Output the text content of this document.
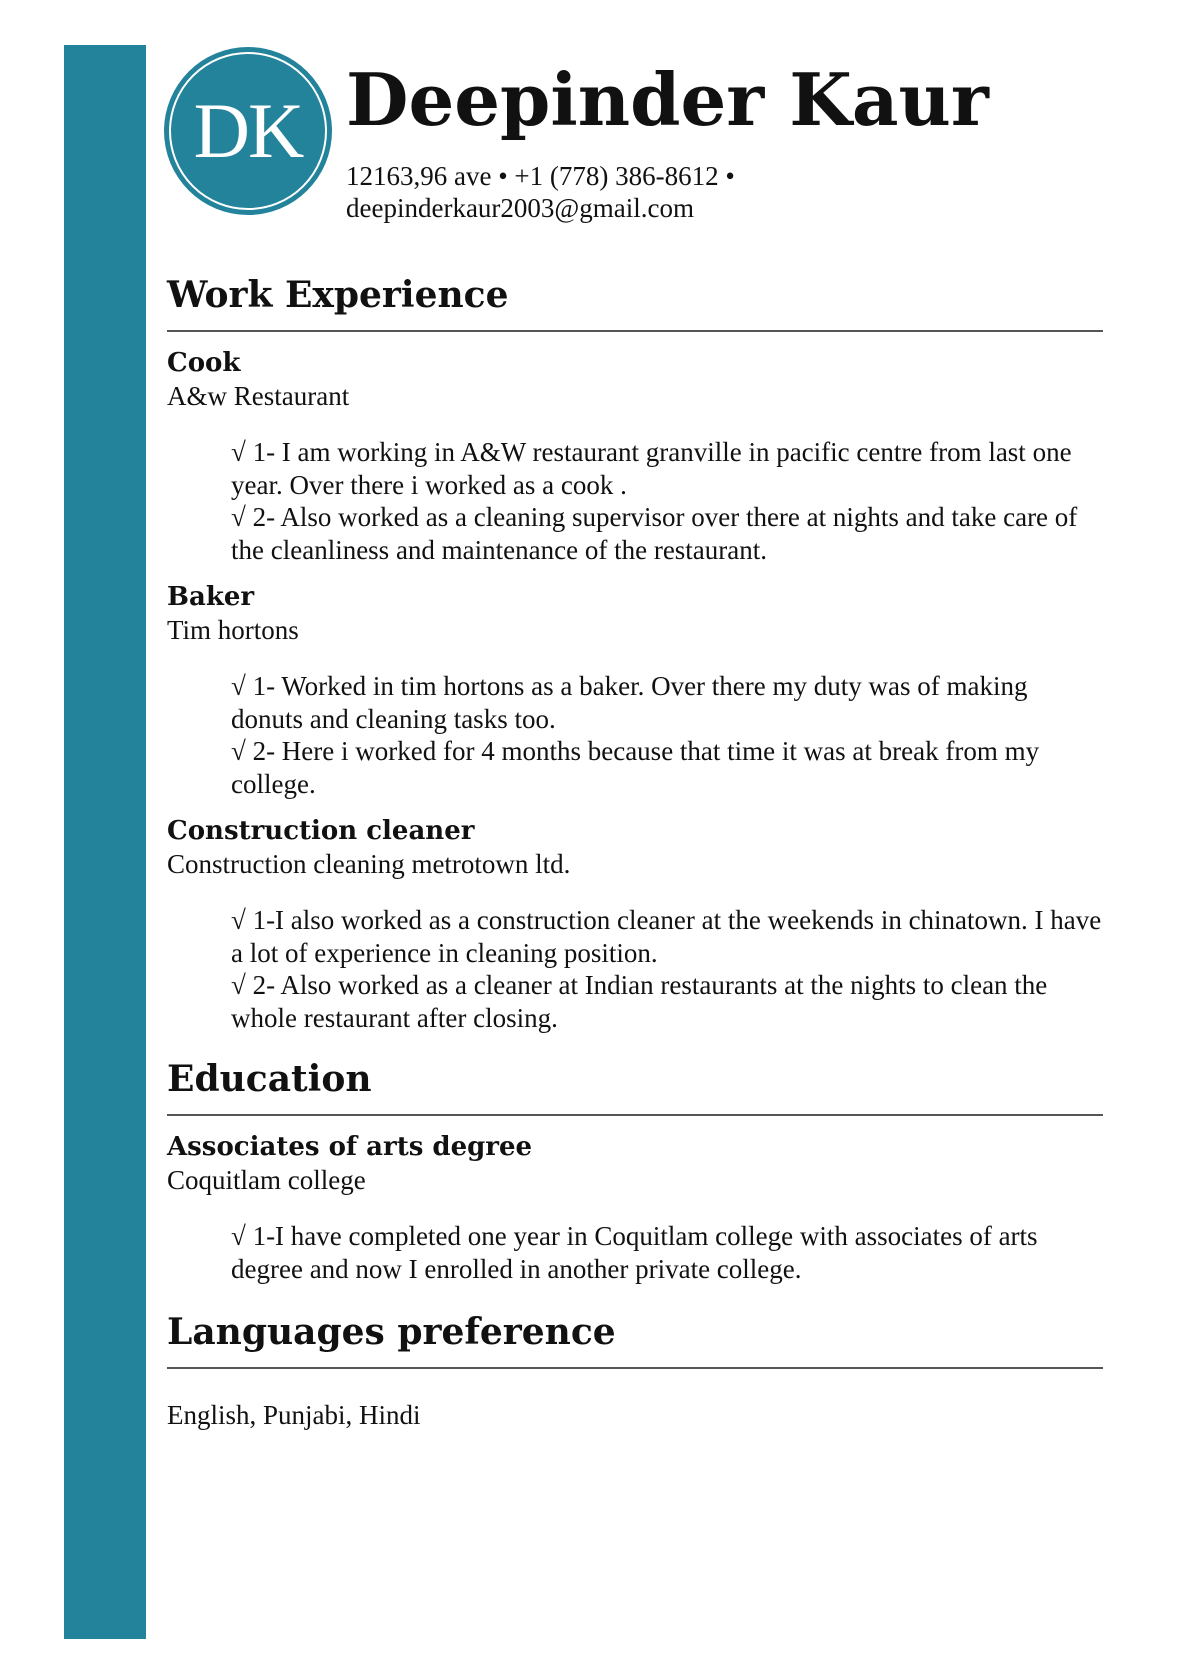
DK Deepinder Kaur
12163,96 ave • +1 (778) 386-8612 •
deepinderkaur2003@gmail.com
Work Experience
Cook
A&w Restaurant
√ 1- I am working in A&W restaurant granville in pacific centre from last one year. Over there i worked as a cook .
√ 2- Also worked as a cleaning supervisor over there at nights and take care of the cleanliness and maintenance of the restaurant.
Baker
Tim hortons
√ 1- Worked in tim hortons as a baker. Over there my duty was of making donuts and cleaning tasks too.
√ 2- Here i worked for 4 months because that time it was at break from my college.
Construction cleaner
Construction cleaning metrotown ltd.
√ 1-I also worked as a construction cleaner at the weekends in chinatown. I have a lot of experience in cleaning position.
√ 2- Also worked as a cleaner at Indian restaurants at the nights to clean the whole restaurant after closing.
Education
Associates of arts degree
Coquitlam college
√ 1-I have completed one year in Coquitlam college with associates of arts degree and now I enrolled in another private college.
Languages preference
English, Punjabi, Hindi
